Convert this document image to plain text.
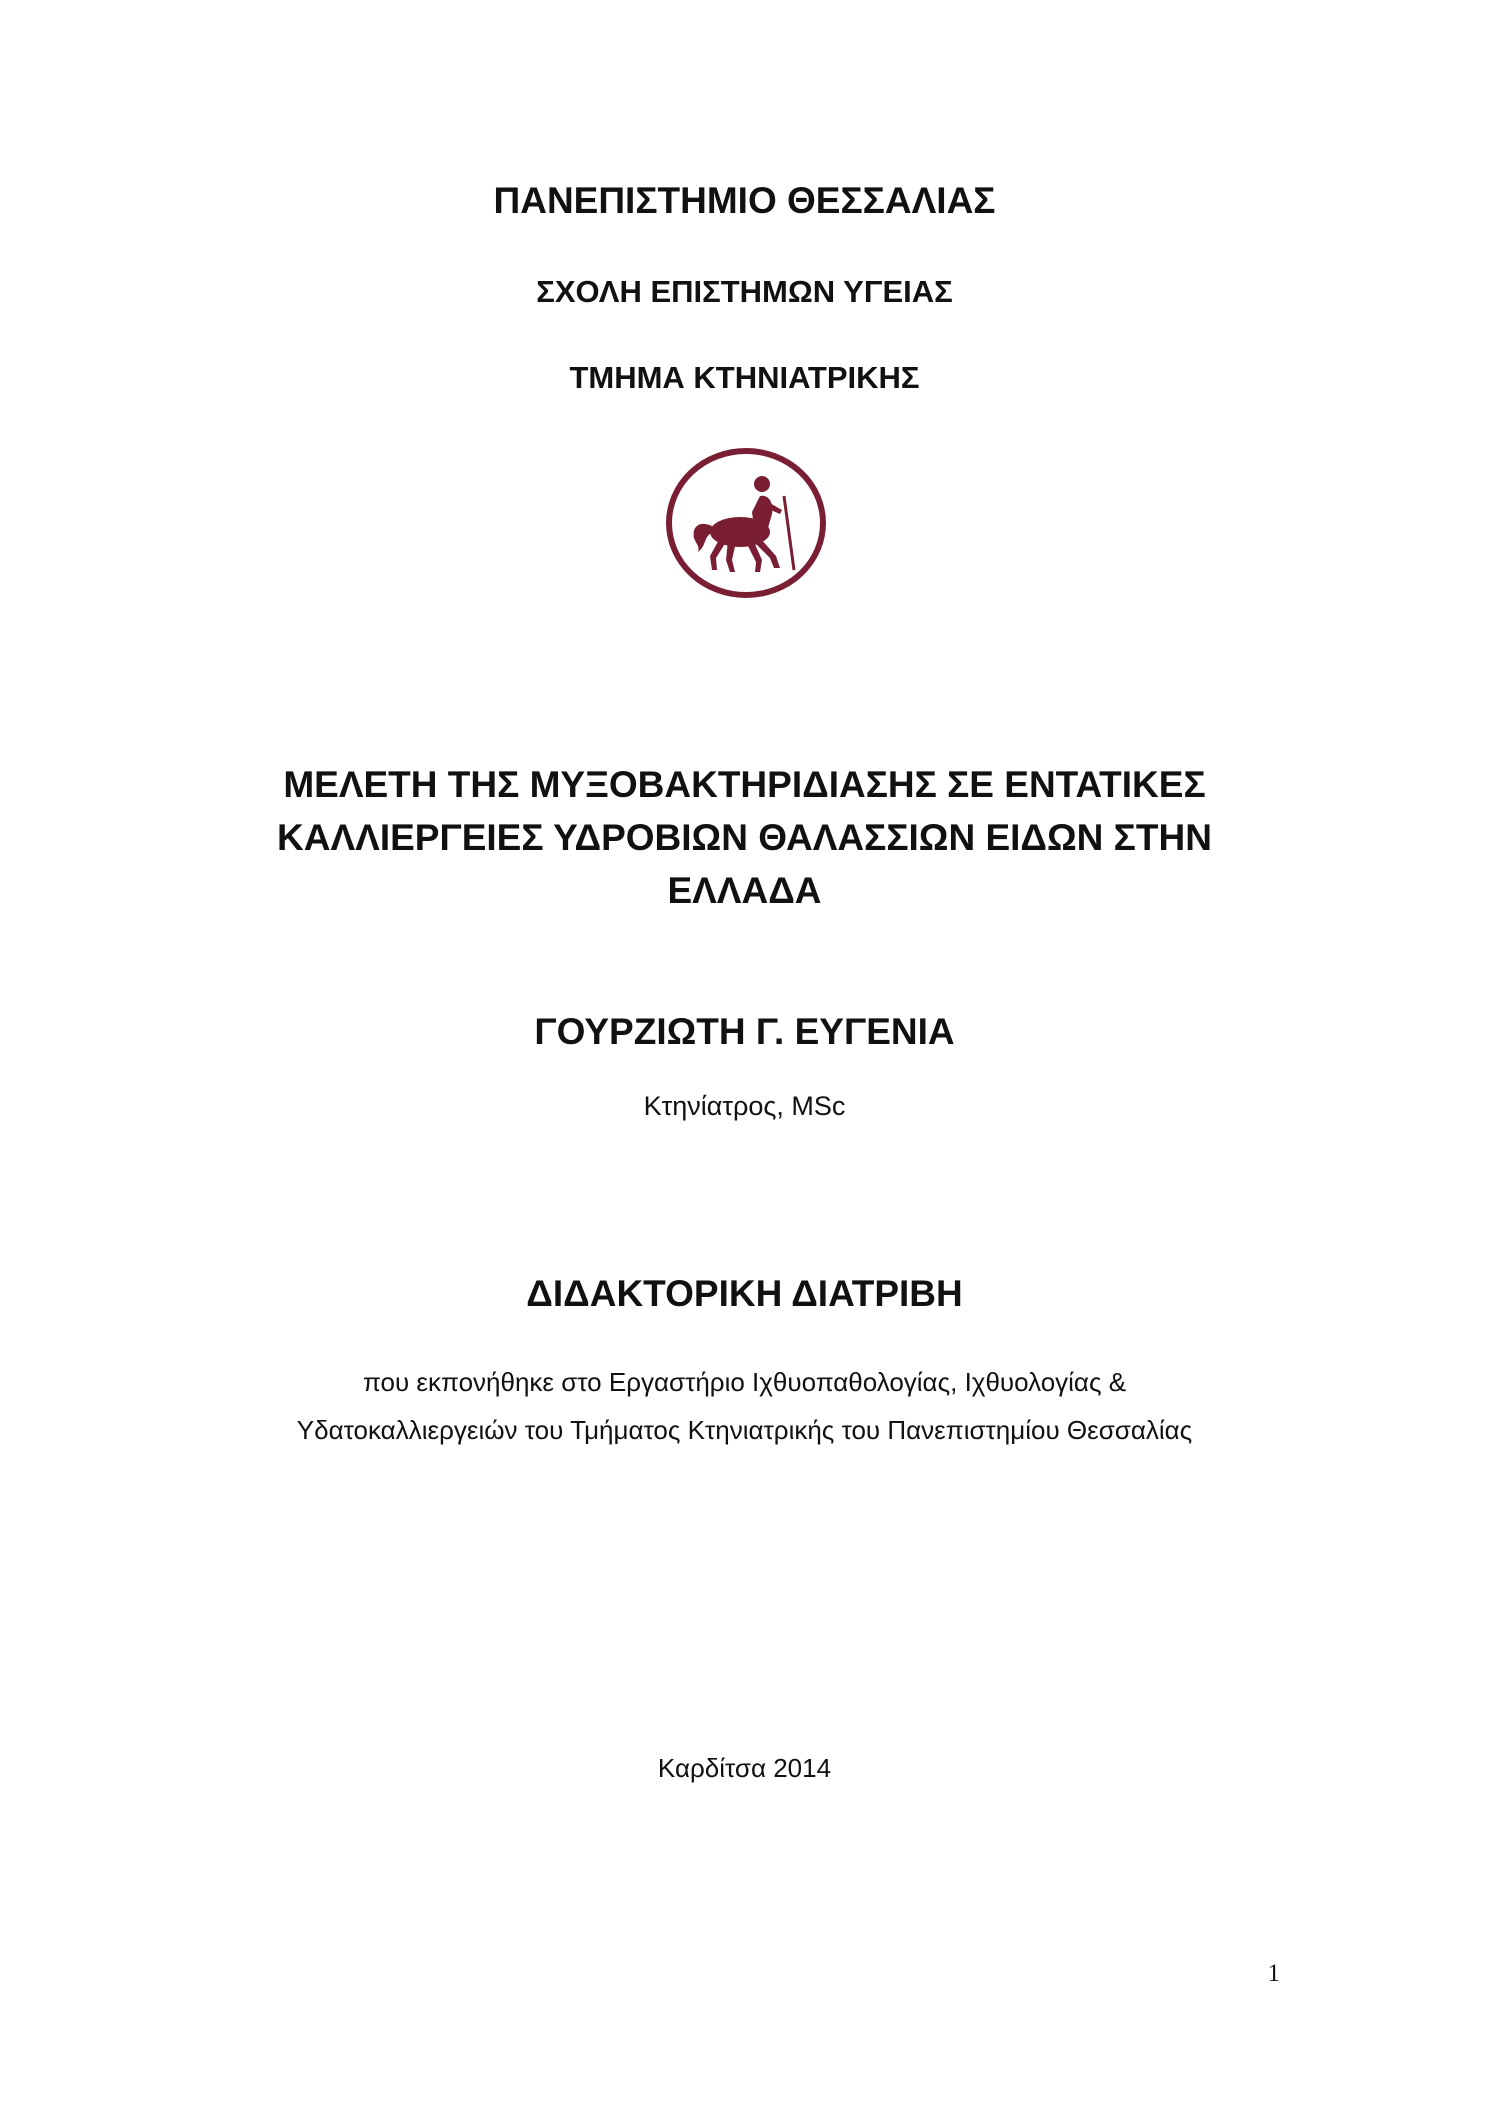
ΠΑΝΕΠΙΣΤΗΜΙΟ ΘΕΣΣΑΛΙΑΣ
ΣΧΟΛΗ ΕΠΙΣΤΗΜΩΝ ΥΓΕΙΑΣ
ΤΜΗΜΑ ΚΤΗΝΙΑΤΡΙΚΗΣ
ΜΕΛΕΤΗ ΤΗΣ ΜΥΞΟΒΑΚΤΗΡΙΔΙΑΣΗΣ ΣΕ ΕΝΤΑΤΙΚΕΣ
ΚΑΛΛΙΕΡΓΕΙΕΣ ΥΔΡΟΒΙΩΝ ΘΑΛΑΣΣΙΩΝ ΕΙΔΩΝ ΣΤΗΝ
ΕΛΛΑΔΑ
ΓΟΥΡΖΙΩΤΗ Γ. ΕΥΓΕΝΙΑ
Κτηνίατρος, MSc
ΔΙΔΑΚΤΟΡΙΚΗ ΔΙΑΤΡΙΒΗ
που εκπονήθηκε στο Εργαστήριο Ιχθυοπαθολογίας, Ιχθυολογίας &
Υδατοκαλλιεργειών του Τμήματος Κτηνιατρικής του Πανεπιστημίου Θεσσαλίας
Καρδίτσα 2014
1
